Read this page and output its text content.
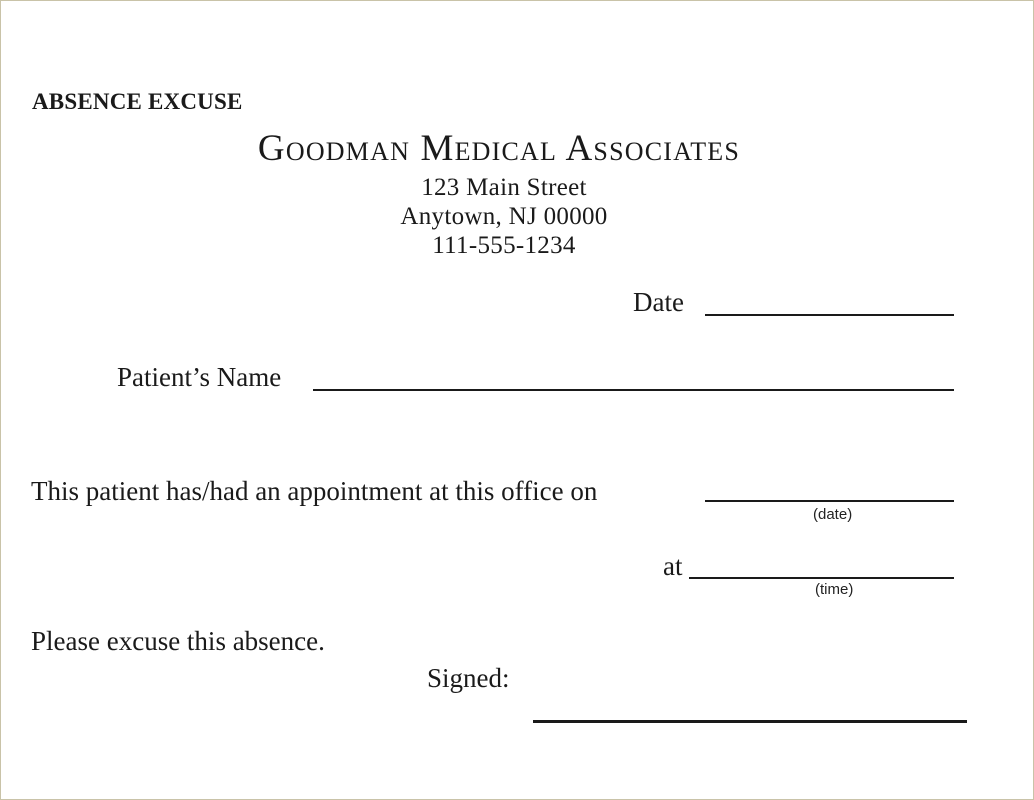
ABSENCE EXCUSE
Goodman Medical Associates
123 Main Street
Anytown, NJ 00000
111-555-1234
Date
Patient’s Name
This patient has/had an appointment at this office on
(date)
at
(time)
Please excuse this absence.
Signed:
